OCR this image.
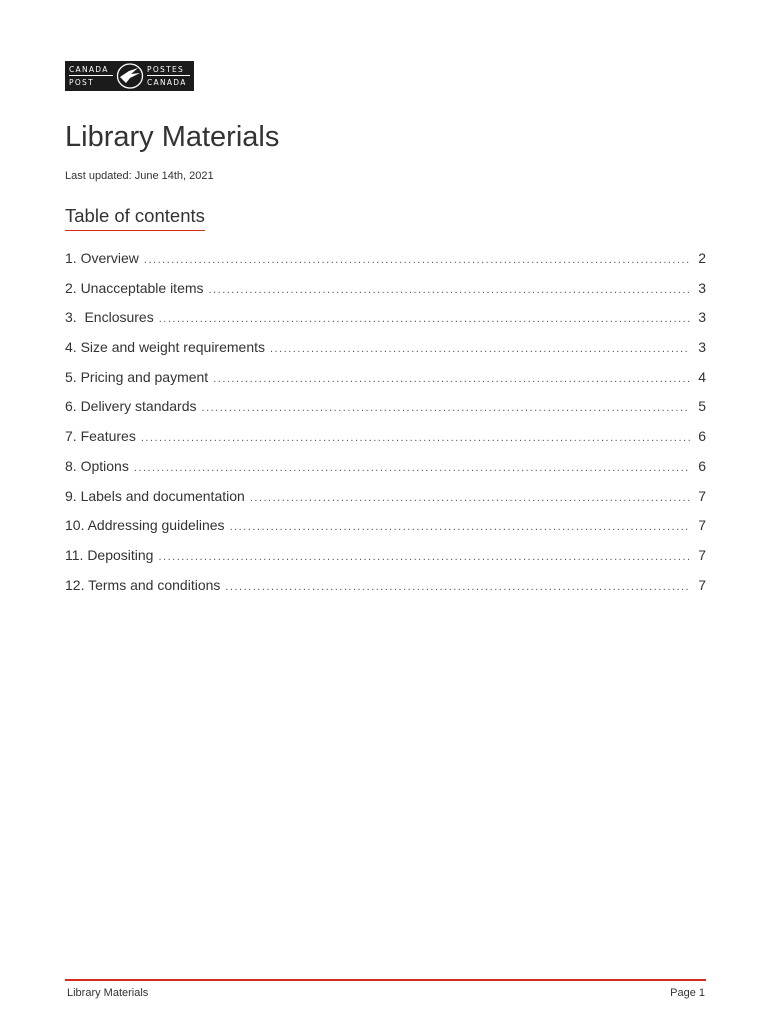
CANADA
POST
POSTES
CANADA
Library Materials
Last updated: June 14th, 2021
Table of contents
1. Overview .....	2
2. Unacceptable items .....	3
3.  Enclosures .....	3
4. Size and weight requirements .....	3
5. Pricing and payment .....	4
6. Delivery standards .....	5
7. Features .....	6
8. Options .....	6
9. Labels and documentation .....	7
10. Addressing guidelines .....	7
11. Depositing .....	7
12. Terms and conditions .....	7
Library Materials	Page 1
